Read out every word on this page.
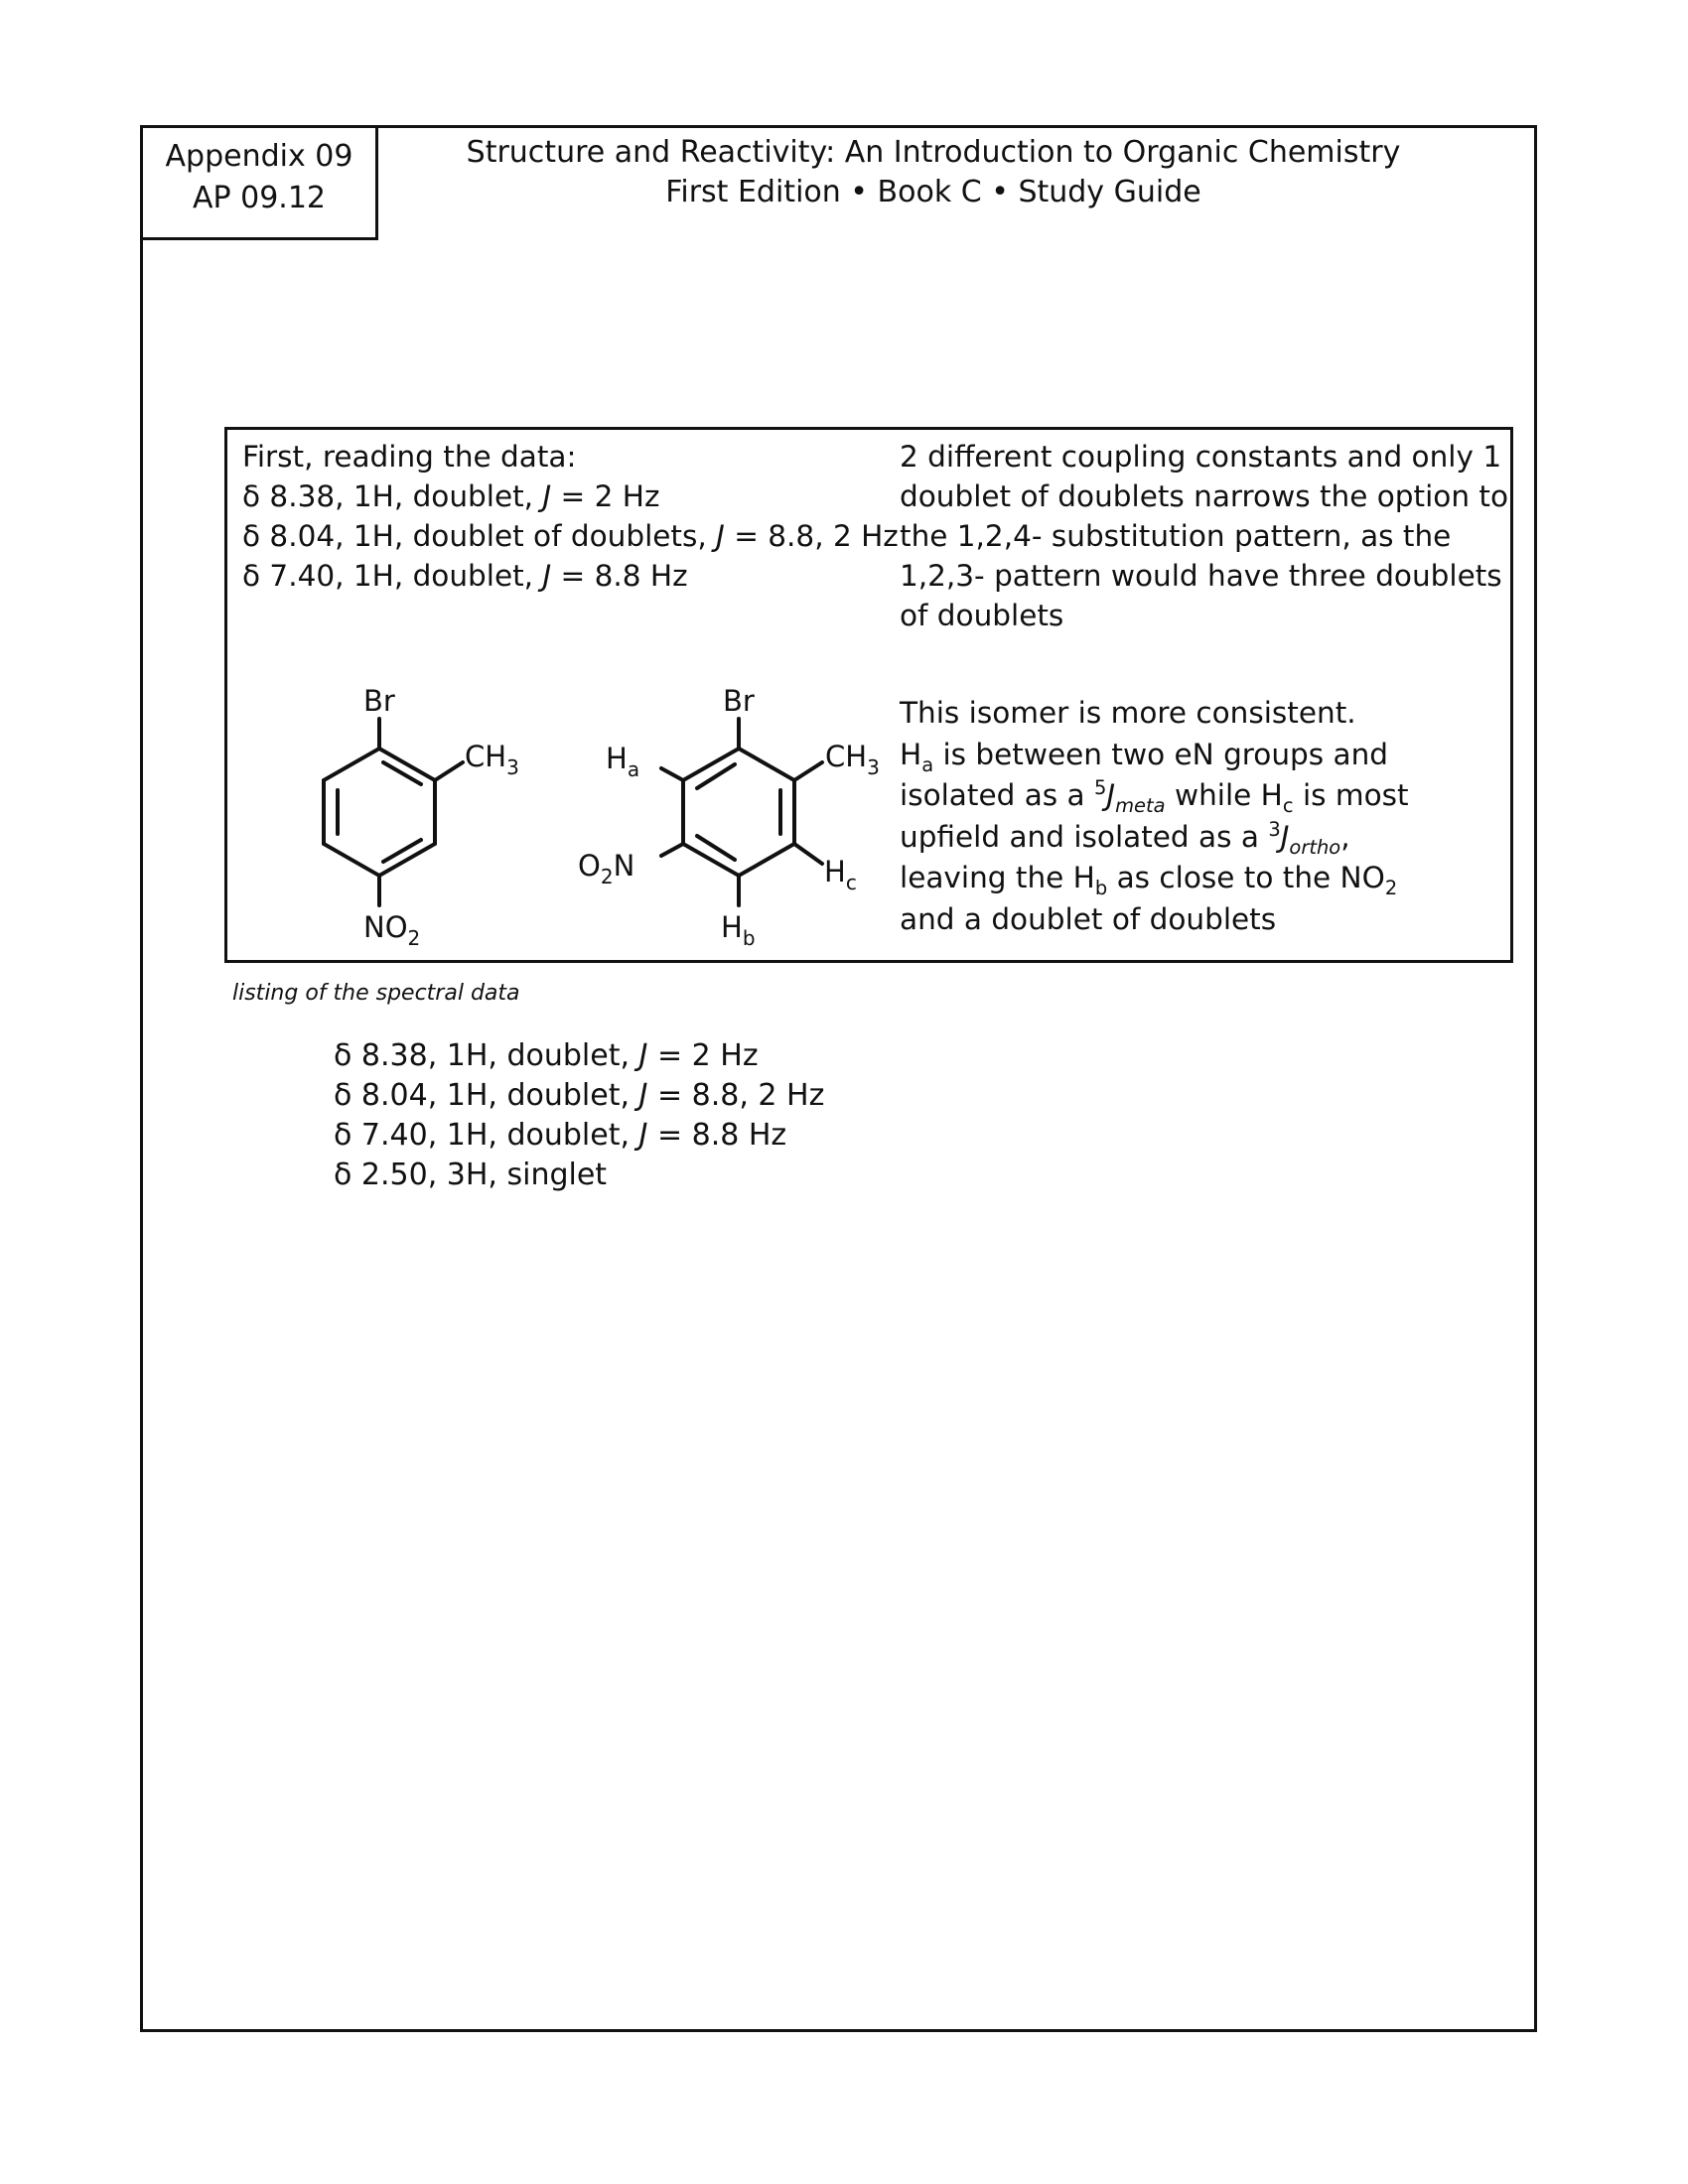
Appendix 09
AP 09.12
Structure and Reactivity: An Introduction to Organic Chemistry
First Edition • Book C • Study Guide
First, reading the data:
δ 8.38, 1H, doublet, J = 2 Hz
δ 8.04, 1H, doublet of doublets, J = 8.8, 2 Hz
δ 7.40, 1H, doublet, J = 8.8 Hz
2 different coupling constants and only 1 doublet of doublets narrows the option to the 1,2,4- substitution pattern, as the 1,2,3- pattern would have three doublets of doublets
This isomer is more consistent.
$H_a$ is between two eN groups and
isolated as a $^5J_{meta}$ while $H_c$ is most
upfield and isolated as a $^3J_{ortho}$,
leaving the $H_b$ as close to the $NO_2$
and a doublet of doublets
Br
$CH_3$
$NO_2$
Br
$CH_3$
$H_a$
$H_c$
$H_b$
$O_2N$
listing of the spectral data
δ 8.38, 1H, doublet, J = 2 Hz
δ 8.04, 1H, doublet, J = 8.8, 2 Hz
δ 7.40, 1H, doublet, J = 8.8 Hz
δ 2.50, 3H, singlet
